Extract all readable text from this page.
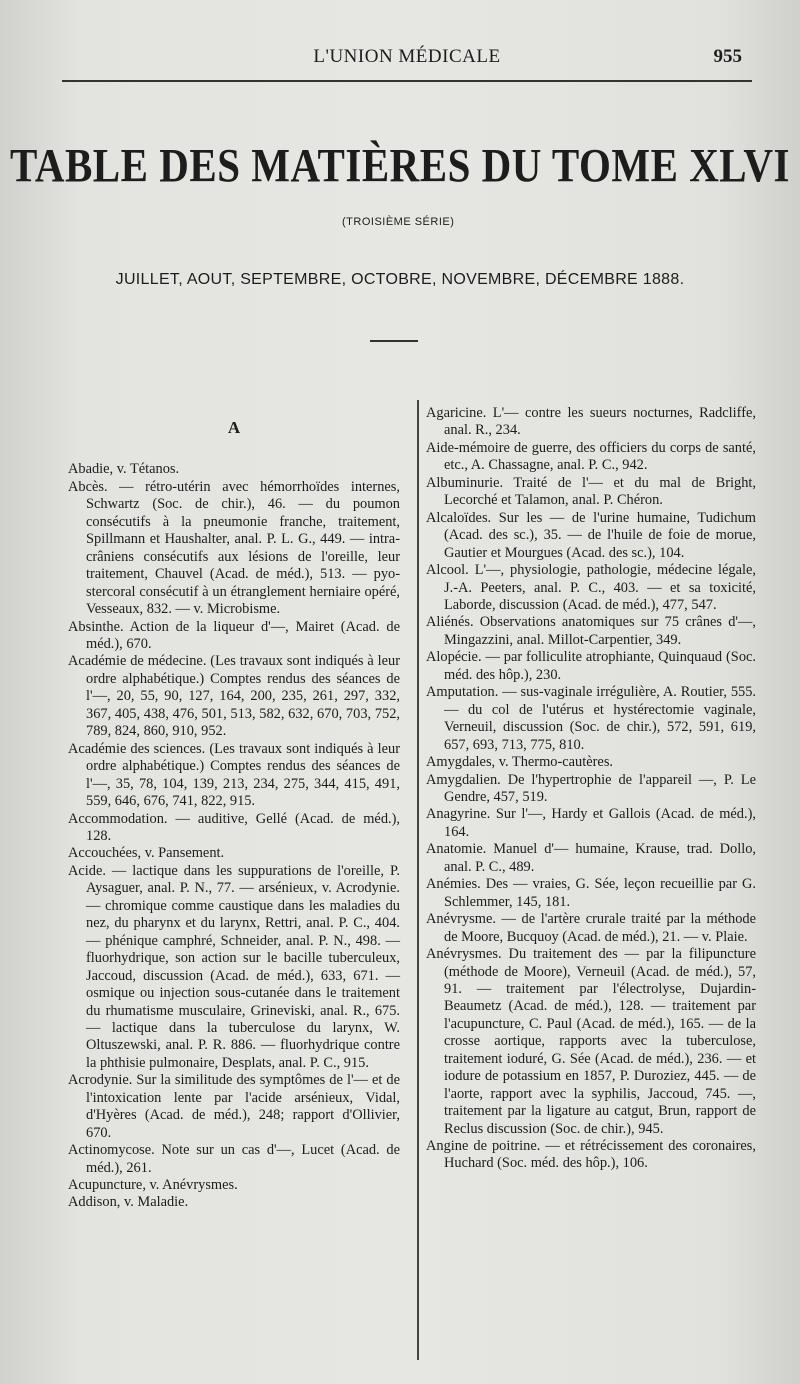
L'UNION MÉDICALE	955
TABLE DES MATIÈRES DU TOME XLVI
(TROISIÈME SÉRIE)
JUILLET, AOUT, SEPTEMBRE, OCTOBRE, NOVEMBRE, DÉCEMBRE 1888.
A

Abadie, v. Tétanos.

Abcès. — rétro-utérin avec hémorrhoïdes internes, Schwartz (Soc. de chir.), 46. — du poumon consécutifs à la pneumonie franche, traitement, Spillmann et Haushalter, anal. P. L. G., 449. — intra-crâniens consécutifs aux lésions de l'oreille, leur traitement, Chauvel (Acad. de méd.), 513. — pyo-stercoral consécutif à un étranglement herniaire opéré, Vesseaux, 832. — v. Microbisme.

Absinthe. Action de la liqueur d'—, Mairet (Acad. de méd.), 670.

Académie de médecine. (Les travaux sont indiqués à leur ordre alphabétique.) Comptes rendus des séances de l'—, 20, 55, 90, 127, 164, 200, 235, 261, 297, 332, 367, 405, 438, 476, 501, 513, 582, 632, 670, 703, 752, 789, 824, 860, 910, 952.

Académie des sciences. (Les travaux sont indiqués à leur ordre alphabétique.) Comptes rendus des séances de l'—, 35, 78, 104, 139, 213, 234, 275, 344, 415, 491, 559, 646, 676, 741, 822, 915.

Accommodation. — auditive, Gellé (Acad. de méd.), 128.

Accouchées, v. Pansement.

Acide. — lactique dans les suppurations de l'oreille, P. Aysaguer, anal. P. N., 77. — arsénieux, v. Acrodynie. — chromique comme caustique dans les maladies du nez, du pharynx et du larynx, Rettri, anal. P. C., 404. — phénique camphré, Schneider, anal. P. N., 498. — fluorhydrique, son action sur le bacille tuberculeux, Jaccoud, discussion (Acad. de méd.), 633, 671. — osmique ou injection sous-cutanée dans le traitement du rhumatisme musculaire, Grineviski, anal. R., 675. — lactique dans la tuberculose du larynx, W. Oltuszewski, anal. P. R. 886. — fluorhydrique contre la phthisie pulmonaire, Desplats, anal. P. C., 915.

Acrodynie. Sur la similitude des symptômes de l'— et de l'intoxication lente par l'acide arsénieux, Vidal, d'Hyères (Acad. de méd.), 248; rapport d'Ollivier, 670.

Actinomycose. Note sur un cas d'—, Lucet (Acad. de méd.), 261.

Acupuncture, v. Anévrysmes.

Addison, v. Maladie.

Agaricine. L'— contre les sueurs nocturnes, Radcliffe, anal. R., 234.

Aide-mémoire de guerre, des officiers du corps de santé, etc., A. Chassagne, anal. P. C., 942.

Albuminurie. Traité de l'— et du mal de Bright, Lecorché et Talamon, anal. P. Chéron.

Alcaloïdes. Sur les — de l'urine humaine, Tudichum (Acad. des sc.), 35. — de l'huile de foie de morue, Gautier et Mourgues (Acad. des sc.), 104.

Alcool. L'—, physiologie, pathologie, médecine légale, J.-A. Peeters, anal. P. C., 403. — et sa toxicité, Laborde, discussion (Acad. de méd.), 477, 547.

Aliénés. Observations anatomiques sur 75 crânes d'—, Mingazzini, anal. Millot-Carpentier, 349.

Alopécie. — par folliculite atrophiante, Quinquaud (Soc. méd. des hôp.), 230.

Amputation. — sus-vaginale irrégulière, A. Routier, 555. — du col de l'utérus et hystérectomie vaginale, Verneuil, discussion (Soc. de chir.), 572, 591, 619, 657, 693, 713, 775, 810.

Amygdales, v. Thermo-cautères.

Amygdalien. De l'hypertrophie de l'appareil —, P. Le Gendre, 457, 519.

Anagyrine. Sur l'—, Hardy et Gallois (Acad. de méd.), 164.

Anatomie. Manuel d'— humaine, Krause, trad. Dollo, anal. P. C., 489.

Anémies. Des — vraies, G. Sée, leçon recueillie par G. Schlemmer, 145, 181.

Anévrysme. — de l'artère crurale traité par la méthode de Moore, Bucquoy (Acad. de méd.), 21. — v. Plaie.

Anévrysmes. Du traitement des — par la filipuncture (méthode de Moore), Verneuil (Acad. de méd.), 57, 91. — traitement par l'électrolyse, Dujardin-Beaumetz (Acad. de méd.), 128. — traitement par l'acupuncture, C. Paul (Acad. de méd.), 165. — de la crosse aortique, rapports avec la tuberculose, traitement ioduré, G. Sée (Acad. de méd.), 236. — et iodure de potassium en 1857, P. Duroziez, 445. — de l'aorte, rapport avec la syphilis, Jaccoud, 745. —, traitement par la ligature au catgut, Brun, rapport de Reclus discussion (Soc. de chir.), 945.

Angine de poitrine. — et rétrécissement des coronaires, Huchard (Soc. méd. des hôp.), 106.
